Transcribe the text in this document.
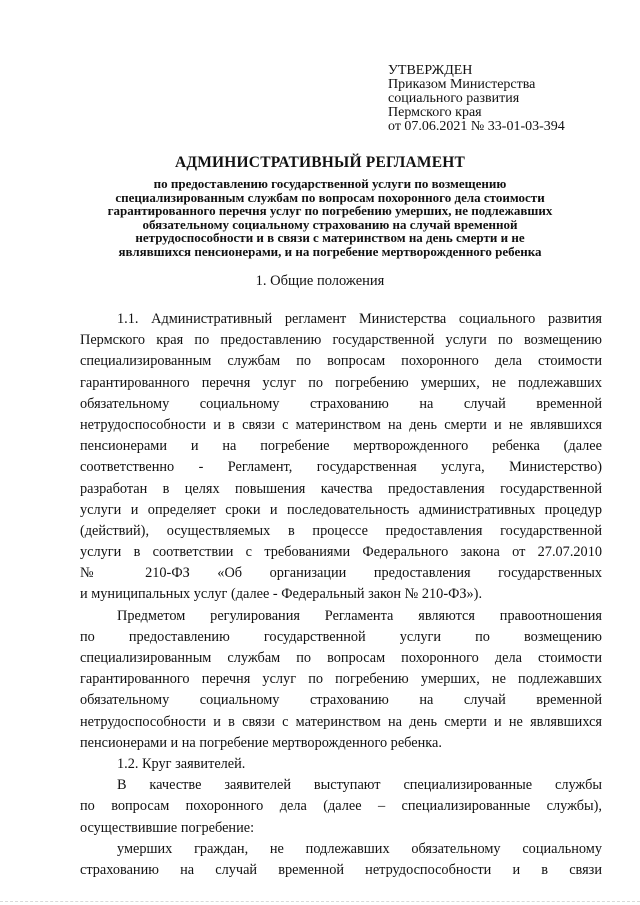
УТВЕРЖДЕН
Приказом Министерства
социального развития
Пермского края
от 07.06.2021 № 33-01-03-394
АДМИНИСТРАТИВНЫЙ РЕГЛАМЕНТ
по предоставлению государственной услуги по возмещению
специализированным службам по вопросам похоронного дела стоимости
гарантированного перечня услуг по погребению умерших, не подлежавших
обязательному социальному страхованию на случай временной
нетрудоспособности и в связи с материнством на день смерти и не
являвшихся пенсионерами, и на погребение мертворожденного ребенка
1. Общие положения
1.1. Административный регламент Министерства социального развития
Пермского края по предоставлению государственной услуги по возмещению
специализированным службам по вопросам похоронного дела стоимости
гарантированного перечня услуг по погребению умерших, не подлежавших
обязательному социальному страхованию на случай временной
нетрудоспособности и в связи с материнством на день смерти и не являвшихся
пенсионерами и на погребение мертворожденного ребенка (далее
соответственно - Регламент, государственная услуга, Министерство)
разработан в целях повышения качества предоставления государственной
услуги и определяет сроки и последовательность административных процедур
(действий), осуществляемых в процессе предоставления государственной
услуги в соответствии с требованиями Федерального закона от 27.07.2010
№ 210-ФЗ «Об организации предоставления государственных
и муниципальных услуг (далее - Федеральный закон № 210-ФЗ»).
Предметом регулирования Регламента являются правоотношения
по предоставлению государственной услуги по возмещению
специализированным службам по вопросам похоронного дела стоимости
гарантированного перечня услуг по погребению умерших, не подлежавших
обязательному социальному страхованию на случай временной
нетрудоспособности и в связи с материнством на день смерти и не являвшихся
пенсионерами и на погребение мертворожденного ребенка.
1.2. Круг заявителей.
В качестве заявителей выступают специализированные службы
по вопросам похоронного дела (далее – специализированные службы),
осуществившие погребение:
умерших граждан, не подлежавших обязательному социальному
страхованию на случай временной нетрудоспособности и в связи
